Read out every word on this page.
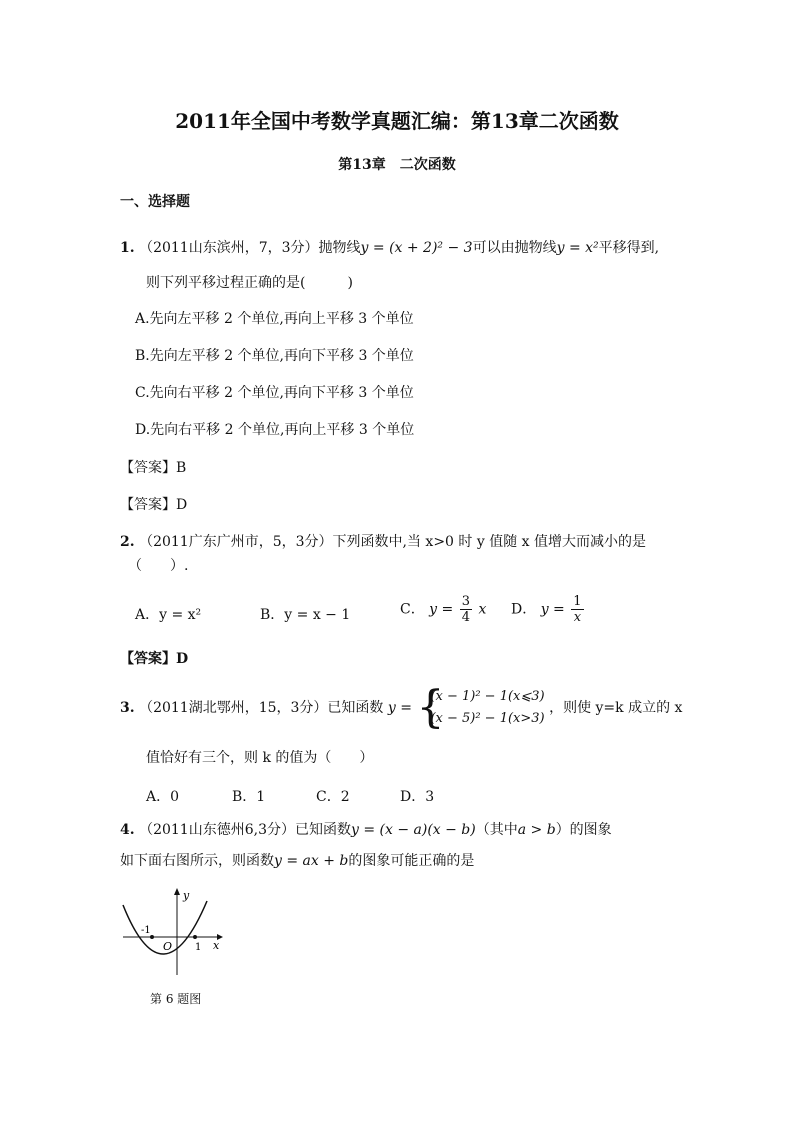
2011年全国中考数学真题汇编：第13章二次函数
第13章　二次函数
一、选择题
1. （2011山东滨州，7，3分）抛物线y = (x + 2)² − 3可以由抛物线y = x²平移得到,
则下列平移过程正确的是(　　　)
A.先向左平移 2 个单位,再向上平移 3 个单位
B.先向左平移 2 个单位,再向下平移 3 个单位
C.先向右平移 2 个单位,再向下平移 3 个单位
D.先向右平移 2 个单位,再向上平移 3 个单位
【答案】B
【答案】D
2. （2011广东广州市，5，3分）下列函数中,当 x>0 时 y 值随 x 值增大而减小的是
（　　）.
A．y = x²	B．y = x − 1	C． $y = \frac{3}{4}$ x D． $y = \frac{1}{x}$
【答案】D
3. （2011湖北鄂州，15，3分）已知函数 y = {
(x − 1)² − 1(x⩽3)
(x − 5)² − 1(x>3)
，则使 y=k 成立的 x
值恰好有三个，则 k 的值为（　　）
A．0	B．1	C．2	D．3
4. （2011山东德州6,3分）已知函数y = (x − a)(x − b)（其中a > b）的图象
如下面右图所示，则函数y = ax + b的图象可能正确的是
y
x
O
-1
1
第 6 题图
